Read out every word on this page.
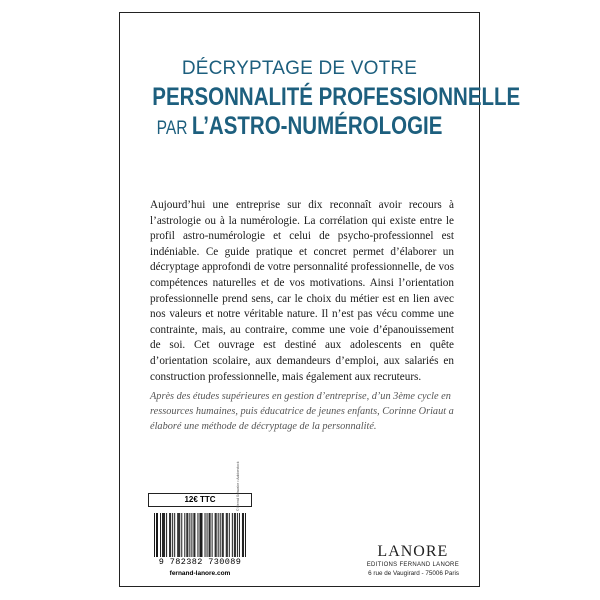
DÉCRYPTAGE DE VOTRE
PERSONNALITÉ PROFESSIONNELLE
PAR L’ASTRO-NUMÉROLOGIE

Aujourd’hui une entreprise sur dix reconnaît avoir recours à l’astrologie ou à la numérologie. La corrélation qui existe entre le profil astro-numérologie et celui de psycho-professionnel est indéniable. Ce guide pratique et concret permet d’élaborer un décryptage approfondi de votre personnalité professionnelle, de vos compétences naturelles et de vos motivations. Ainsi l’orientation professionnelle prend sens, car le choix du métier est en lien avec nos valeurs et notre véritable nature. Il n’est pas vécu comme une contrainte, mais, au contraire, comme une voie d’épanouissement de soi. Cet ouvrage est destiné aux adolescents en quête d’orientation scolaire, aux demandeurs d’emploi, aux salariés en construction professionnelle, mais également aux recruteurs.

Après des études supérieures en gestion d’entreprise, d’un 3ème cycle en ressources humaines, puis éducatrice de jeunes enfants, Corinne Oriaut a élaboré une méthode de décryptage de la personnalité.

12€ TTC
9 782382 730089
fernand-lanore.com
© Bernd Schwabe • Adobestock
LANORE
EDITIONS FERNAND LANORE
6 rue de Vaugirard - 75006 Paris
